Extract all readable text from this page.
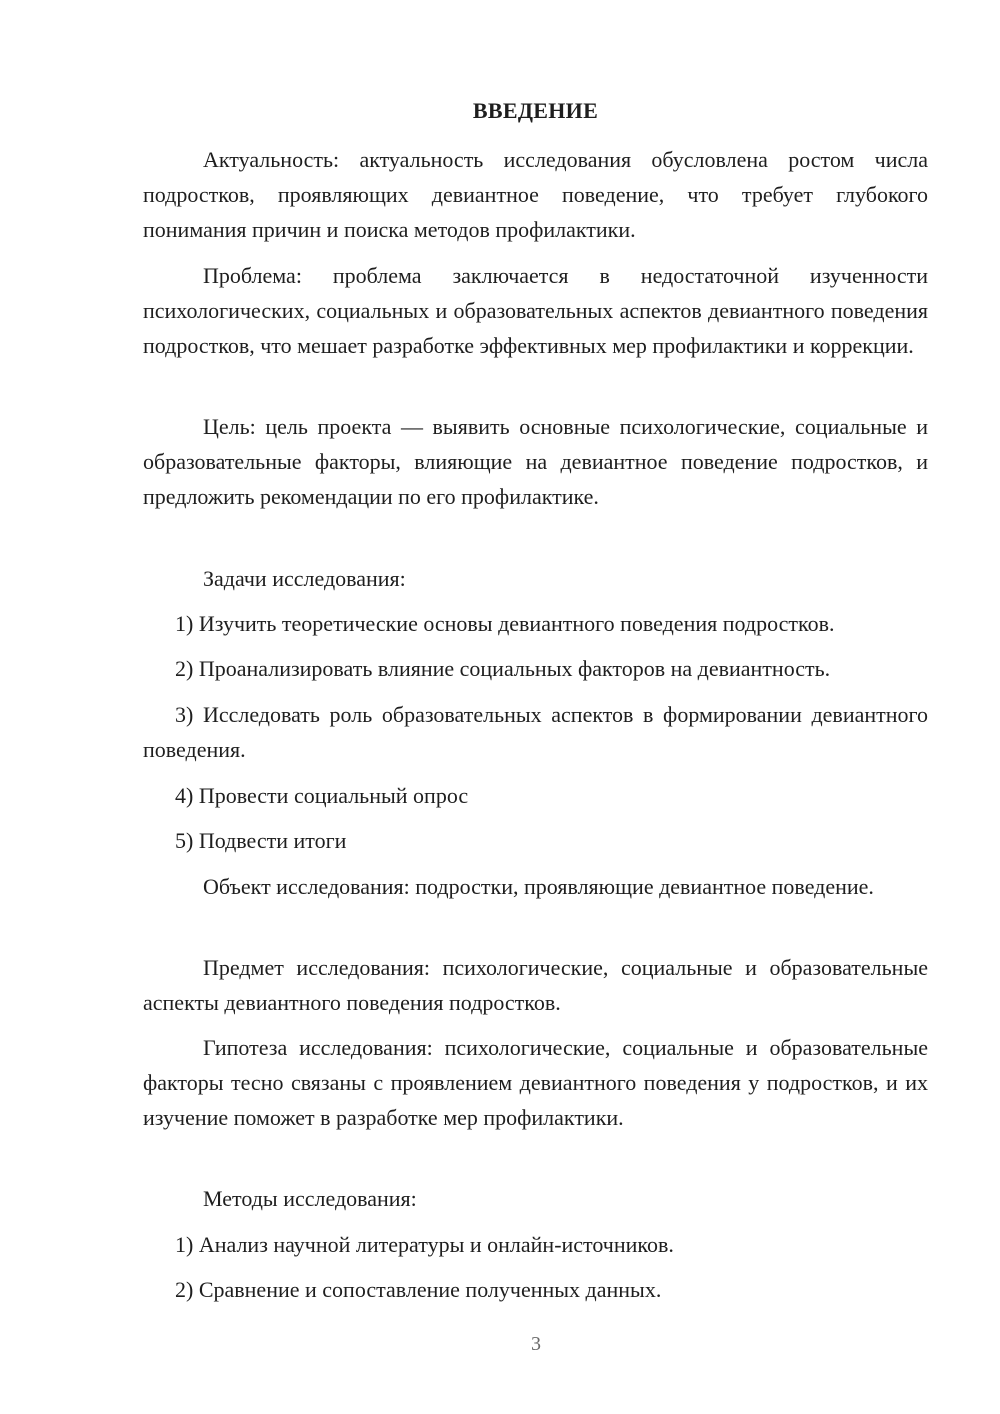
ВВЕДЕНИЕ

Актуальность: актуальность исследования обусловлена ростом числа подростков, проявляющих девиантное поведение, что требует глубокого понимания причин и поиска методов профилактики.

Проблема: проблема заключается в недостаточной изученности психологических, социальных и образовательных аспектов девиантного поведения подростков, что мешает разработке эффективных мер профилактики и коррекции.

Цель: цель проекта — выявить основные психологические, социальные и образовательные факторы, влияющие на девиантное поведение подростков, и предложить рекомендации по его профилактике.

Задачи исследования:

1) Изучить теоретические основы девиантного поведения подростков.

2) Проанализировать влияние социальных факторов на девиантность.

3) Исследовать роль образовательных аспектов в формировании девиантного поведения.

4) Провести социальный опрос

5) Подвести итоги

Объект исследования: подростки, проявляющие девиантное поведение.

Предмет исследования: психологические, социальные и образовательные аспекты девиантного поведения подростков.

Гипотеза исследования: психологические, социальные и образовательные факторы тесно связаны с проявлением девиантного поведения у подростков, и их изучение поможет в разработке мер профилактики.

Методы исследования:

1) Анализ научной литературы и онлайн-источников.

2) Сравнение и сопоставление полученных данных.

3
